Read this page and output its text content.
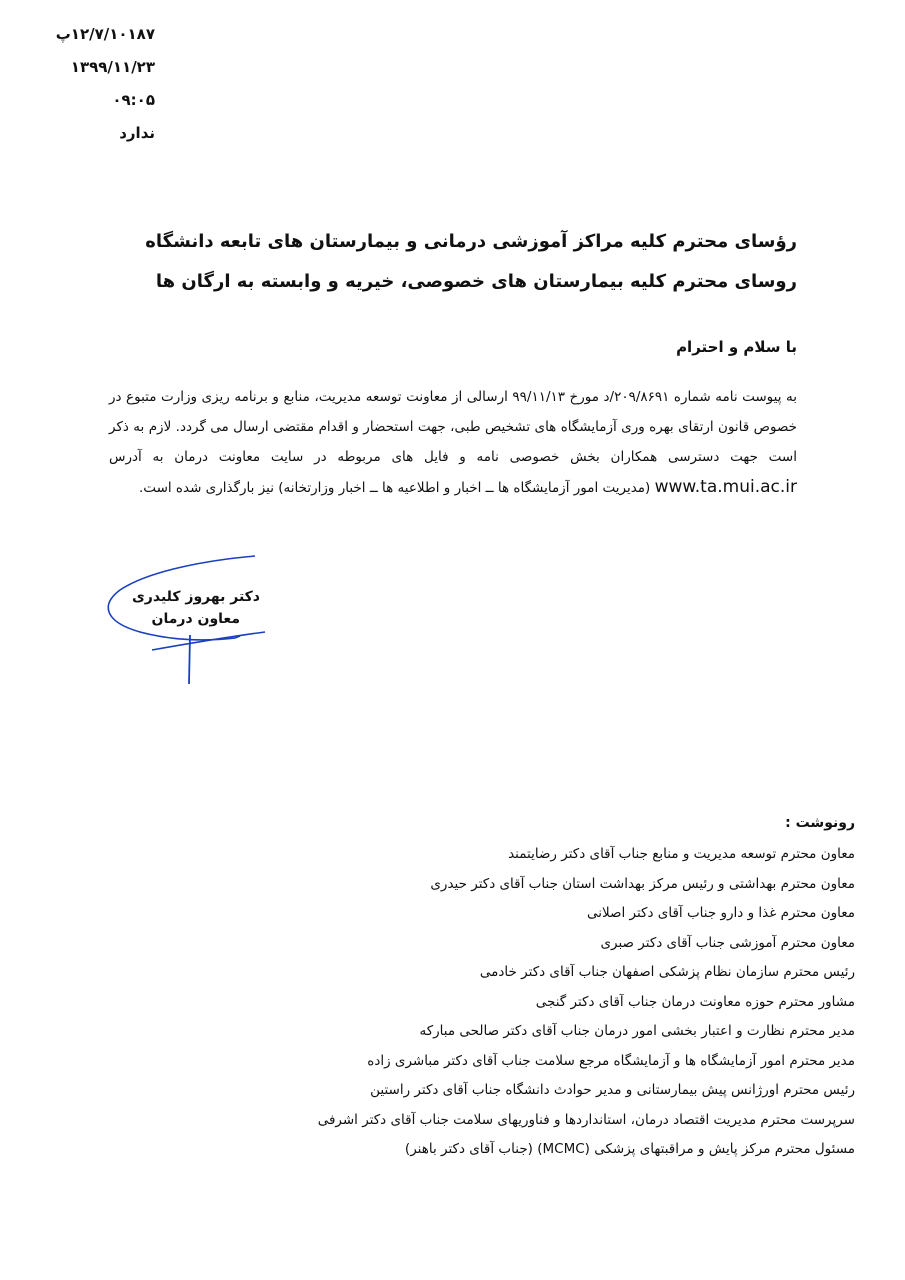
۱۲/۷/۱۰۱۸۷پ
۱۳۹۹/۱۱/۲۳
۰۹:۰۵
ندارد
رؤسای محترم کلیه مراکز آموزشی درمانی و بیمارستان های تابعه دانشگاه
روسای محترم کلیه بیمارستان های خصوصی، خیریه و وابسته به ارگان ها
با سلام و احترام
به پیوست نامه شماره ۲۰۹/۸۶۹۱/د مورخ ۹۹/۱۱/۱۳ ارسالی از معاونت توسعه مدیریت، منابع و برنامه ریزی وزارت متبوع در خصوص قانون ارتقای بهره وری آزمایشگاه های تشخیص طبی، جهت استحضار و اقدام مقتضی ارسال می گردد. لازم به ذکر است جهت دسترسی همکاران بخش خصوصی نامه و فایل های مربوطه در سایت معاونت درمان به آدرس www.ta.mui.ac.ir (مدیریت امور آزمایشگاه ها ــ اخبار و اطلاعیه ها ــ اخبار وزارتخانه) نیز بارگذاری شده است.
دکتر بهروز کلیدری
معاون درمان
رونوشت :
معاون محترم توسعه مدیریت و منابع جناب آقای دکتر رضایتمند
معاون محترم بهداشتی و رئیس مرکز بهداشت استان جناب آقای دکتر حیدری
معاون محترم غذا و دارو جناب آقای دکتر اصلانی
معاون محترم آموزشی جناب آقای دکتر صبری
رئیس محترم سازمان نظام پزشکی اصفهان جناب آقای دکتر خادمی
مشاور محترم حوزه معاونت درمان جناب آقای دکتر گنجی
مدیر محترم نظارت و اعتبار بخشی امور درمان جناب آقای دکتر صالحی مبارکه
مدیر محترم امور آزمایشگاه ها و آزمایشگاه مرجع سلامت جناب آقای دکتر مباشری زاده
رئیس محترم اورژانس پیش بیمارستانی و مدیر حوادث دانشگاه جناب آقای دکتر راستین
سرپرست محترم مدیریت اقتصاد درمان، استانداردها و فناوریهای سلامت جناب آقای دکتر اشرفی
مسئول محترم مرکز پایش و مراقبتهای پزشکی (MCMC) (جناب آقای دکتر باهنر)
